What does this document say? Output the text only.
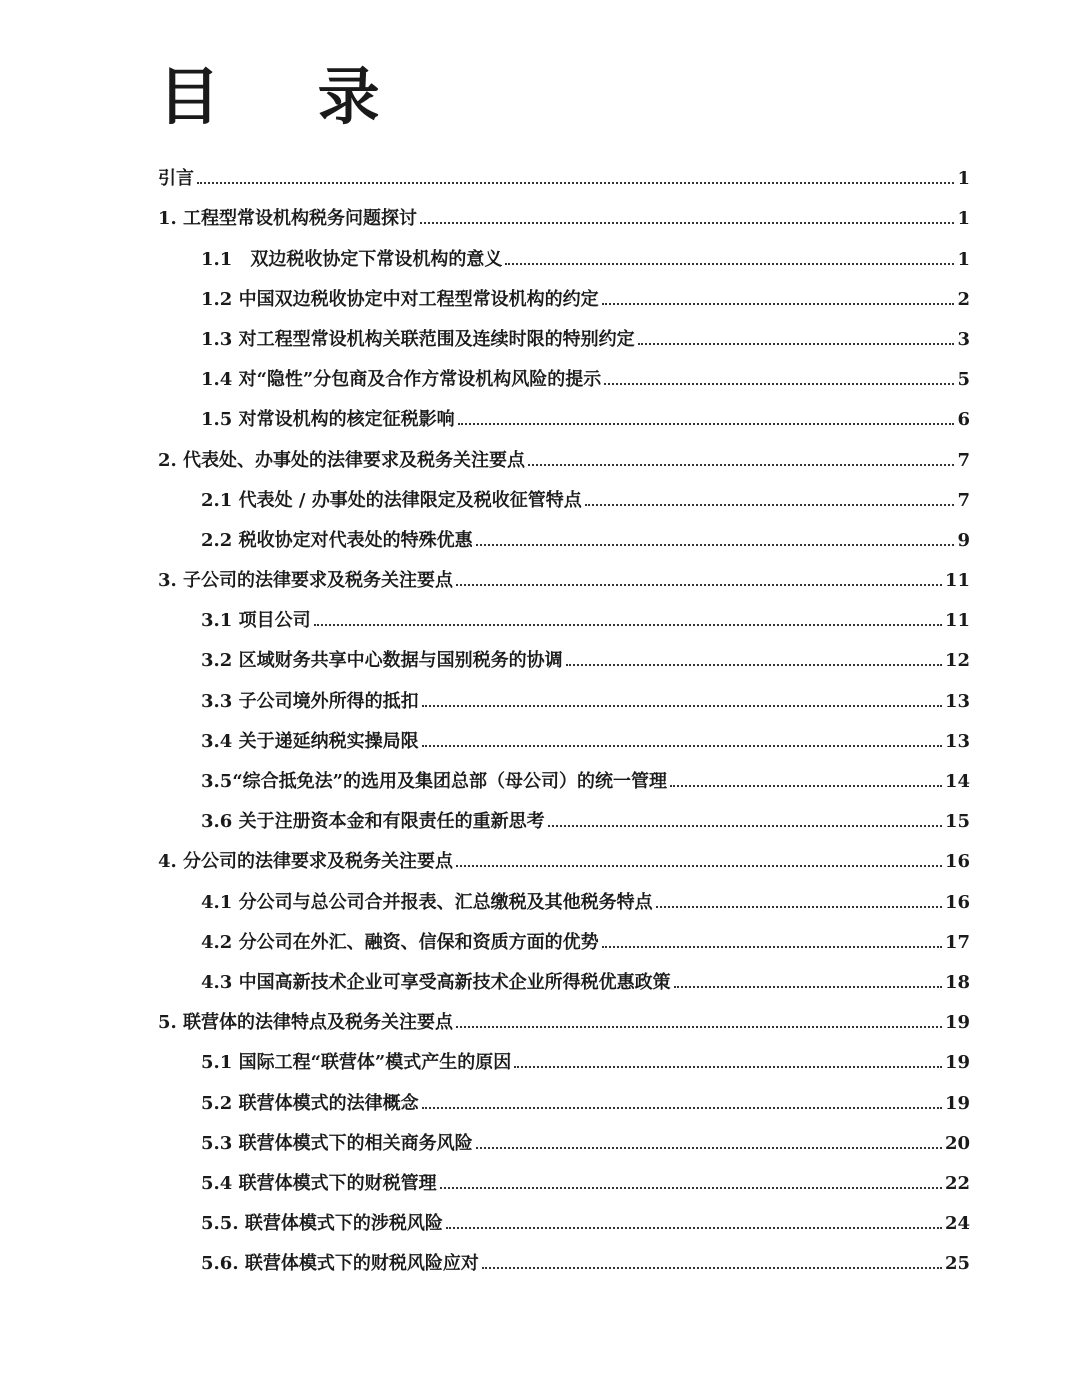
目 录
引言	1
1. 工程型常设机构税务问题探讨	1
1.1　双边税收协定下常设机构的意义	1
1.2 中国双边税收协定中对工程型常设机构的约定	2
1.3 对工程型常设机构关联范围及连续时限的特别约定	3
1.4 对“隐性”分包商及合作方常设机构风险的提示	5
1.5 对常设机构的核定征税影响	6
2. 代表处、办事处的法律要求及税务关注要点	7
2.1 代表处 / 办事处的法律限定及税收征管特点	7
2.2 税收协定对代表处的特殊优惠	9
3. 子公司的法律要求及税务关注要点	11
3.1 项目公司	11
3.2 区域财务共享中心数据与国别税务的协调	12
3.3 子公司境外所得的抵扣	13
3.4 关于递延纳税实操局限	13
3.5“综合抵免法”的选用及集团总部（母公司）的统一管理	14
3.6 关于注册资本金和有限责任的重新思考	15
4. 分公司的法律要求及税务关注要点	16
4.1 分公司与总公司合并报表、汇总缴税及其他税务特点	16
4.2 分公司在外汇、融资、信保和资质方面的优势	17
4.3 中国高新技术企业可享受高新技术企业所得税优惠政策	18
5. 联营体的法律特点及税务关注要点	19
5.1 国际工程“联营体”模式产生的原因	19
5.2 联营体模式的法律概念	19
5.3 联营体模式下的相关商务风险	20
5.4 联营体模式下的财税管理	22
5.5. 联营体模式下的涉税风险	24
5.6. 联营体模式下的财税风险应对	25
